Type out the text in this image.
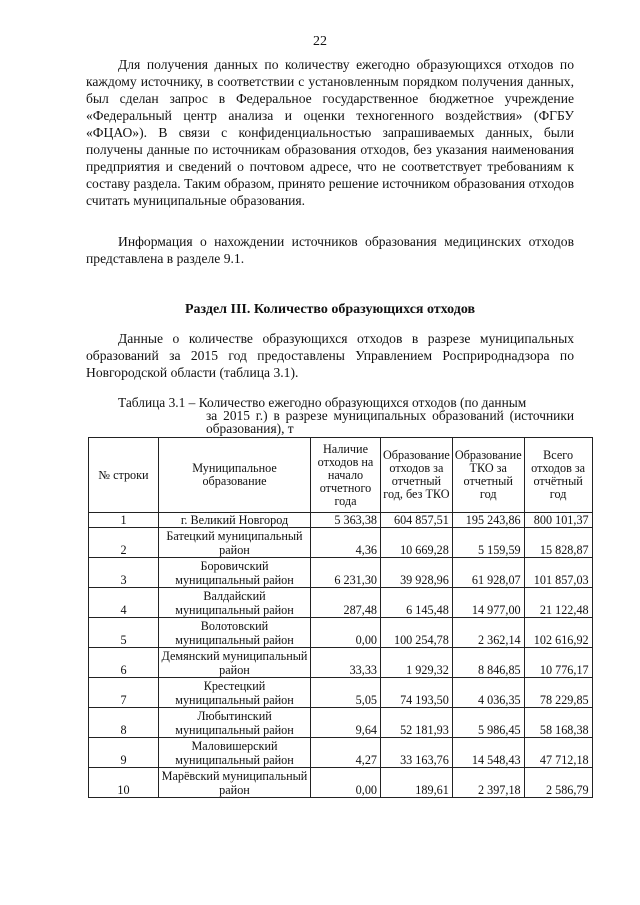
22

Для получения данных по количеству ежегодно образующихся отходов по каждому источнику, в соответствии с установленным порядком получения данных, был сделан запрос в Федеральное государственное бюджетное учреждение «Федеральный центр анализа и оценки техногенного воздействия» (ФГБУ «ФЦАО»). В связи с конфиденциальностью запрашиваемых данных, были получены данные по источникам образования отходов, без указания наименования предприятия и сведений о почтовом адресе, что не соответствует требованиям к составу раздела. Таким образом, принято решение источником образования отходов считать муниципальные образования.

Информация о нахождении источников образования медицинских отходов представлена в разделе 9.1.

Раздел III. Количество образующихся отходов

Данные о количестве образующихся отходов в разрезе муниципальных образований за 2015 год предоставлены Управлением Росприроднадзора по Новгородской области (таблица 3.1).

Таблица 3.1 – Количество ежегодно образующихся отходов (по данным
за 2015 г.) в разрезе муниципальных образований (источники образования), т
№ строки	Муниципальное образование	Наличие отходов на начало отчетного года	Образование отходов за отчетный год, без ТКО	Образование ТКО за отчетный год	Всего отходов за отчётный год
1	г. Великий Новгород	5 363,38	604 857,51	195 243,86	800 101,37
2	Батецкий муниципальный район	4,36	10 669,28	5 159,59	15 828,87
3	Боровичский муниципальный район	6 231,30	39 928,96	61 928,07	101 857,03
4	Валдайский муниципальный район	287,48	6 145,48	14 977,00	21 122,48
5	Волотовский муниципальный район	0,00	100 254,78	2 362,14	102 616,92
6	Демянский муниципальный район	33,33	1 929,32	8 846,85	10 776,17
7	Крестецкий муниципальный район	5,05	74 193,50	4 036,35	78 229,85
8	Любытинский муниципальный район	9,64	52 181,93	5 986,45	58 168,38
9	Маловишерский муниципальный район	4,27	33 163,76	14 548,43	47 712,18
10	Марёвский муниципальный район	0,00	189,61	2 397,18	2 586,79
